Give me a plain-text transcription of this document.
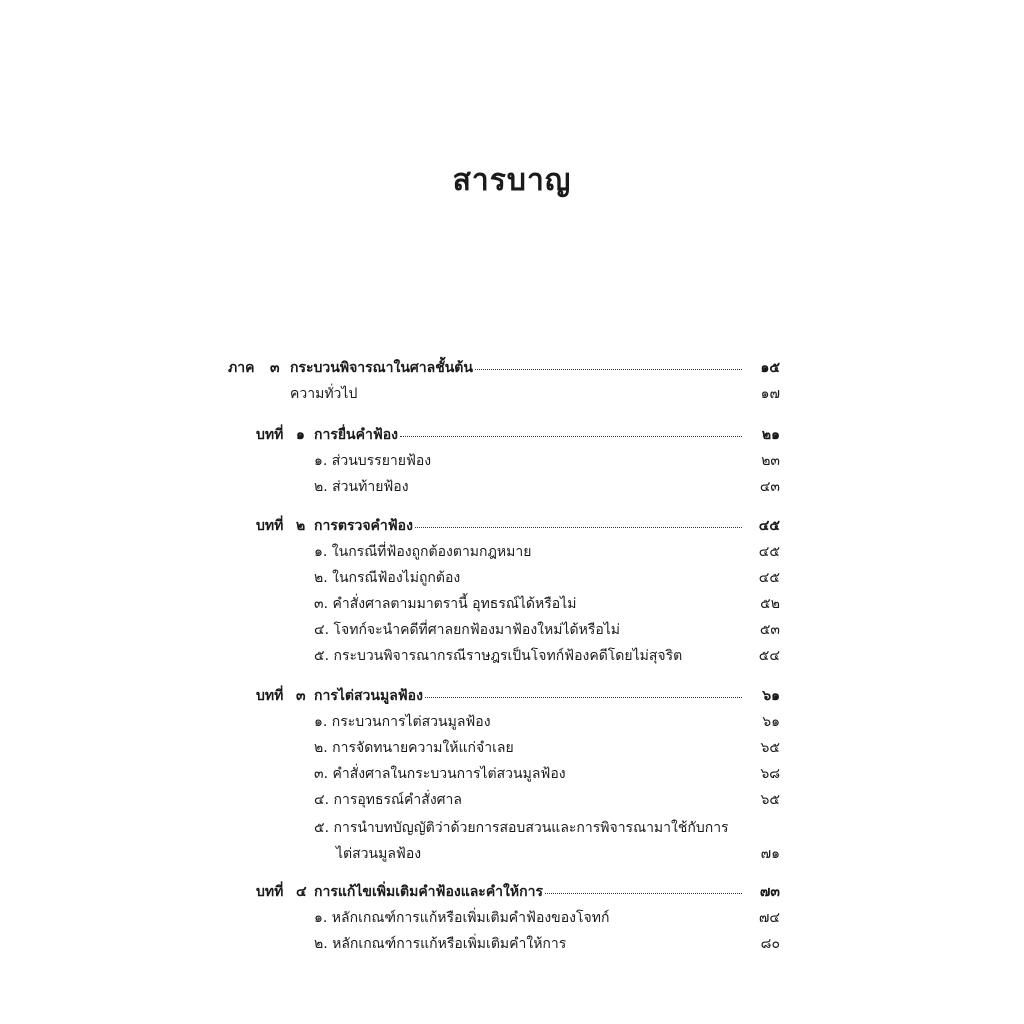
สารบาญ
ภาค	๓ กระบวนพิจารณาในศาลชั้นต้น	๑๕
ความทั่วไป	๑๗
บทที่ ๑ การยื่นคำฟ้อง	๒๑
๑. ส่วนบรรยายฟ้อง	๒๓
๒. ส่วนท้ายฟ้อง	๔๓
บทที่ ๒ การตรวจคำฟ้อง	๔๕
๑. ในกรณีที่ฟ้องถูกต้องตามกฎหมาย	๔๕
๒. ในกรณีฟ้องไม่ถูกต้อง	๔๕
๓. คำสั่งศาลตามมาตรานี้ อุทธรณ์ได้หรือไม่	๕๒
๔. โจทก์จะนำคดีที่ศาลยกฟ้องมาฟ้องใหม่ได้หรือไม่	๕๓
๕. กระบวนพิจารณากรณีราษฎรเป็นโจทก์ฟ้องคดีโดยไม่สุจริต	๕๔
บทที่ ๓ การไต่สวนมูลฟ้อง	๖๑
๑. กระบวนการไต่สวนมูลฟ้อง	๖๑
๒. การจัดทนายความให้แก่จำเลย	๖๕
๓. คำสั่งศาลในกระบวนการไต่สวนมูลฟ้อง	๖๘
๔. การอุทธรณ์คำสั่งศาล	๖๕
๕. การนำบทบัญญัติว่าด้วยการสอบสวนและการพิจารณามาใช้กับการ
ไต่สวนมูลฟ้อง	๗๑
บทที่ ๔ การแก้ไขเพิ่มเติมคำฟ้องและคำให้การ	๗๓
๑. หลักเกณฑ์การแก้หรือเพิ่มเติมคำฟ้องของโจทก์	๗๔
๒. หลักเกณฑ์การแก้หรือเพิ่มเติมคำให้การ	๘๐
